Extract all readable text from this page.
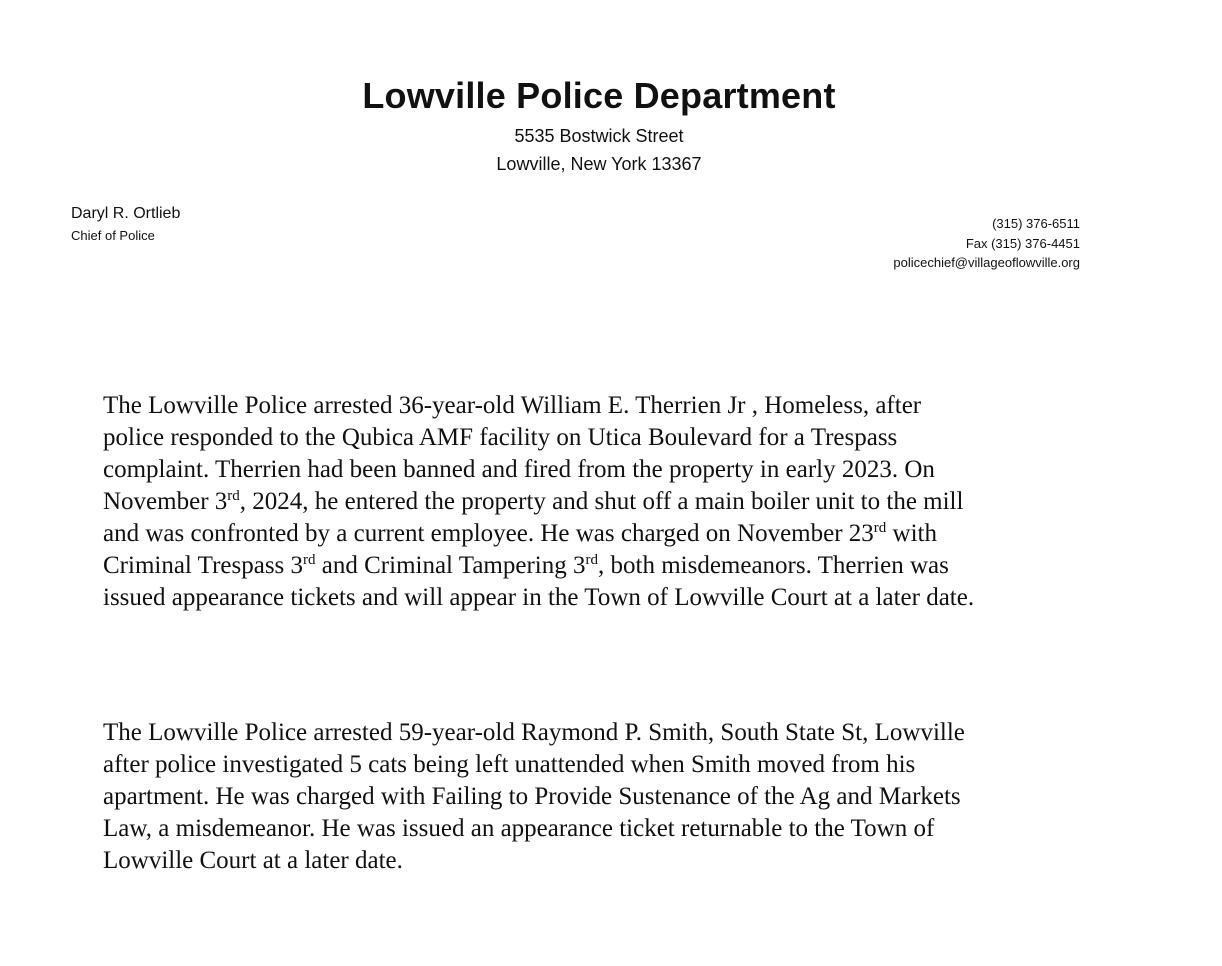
Lowville Police Department
5535 Bostwick Street
Lowville, New York 13367
Daryl R. Ortlieb
Chief of Police
(315) 376-6511
Fax (315) 376-4451
policechief@villageoflowville.org
The Lowville Police arrested 36-year-old William E. Therrien Jr , Homeless, after
police responded to the Qubica AMF facility on Utica Boulevard for a Trespass
complaint. Therrien had been banned and fired from the property in early 2023. On
November 3rd, 2024, he entered the property and shut off a main boiler unit to the mill
and was confronted by a current employee. He was charged on November 23rd with
Criminal Trespass 3rd and Criminal Tampering 3rd, both misdemeanors. Therrien was
issued appearance tickets and will appear in the Town of Lowville Court at a later date.
The Lowville Police arrested 59-year-old Raymond P. Smith, South State St, Lowville
after police investigated 5 cats being left unattended when Smith moved from his
apartment. He was charged with Failing to Provide Sustenance of the Ag and Markets
Law, a misdemeanor. He was issued an appearance ticket returnable to the Town of
Lowville Court at a later date.
